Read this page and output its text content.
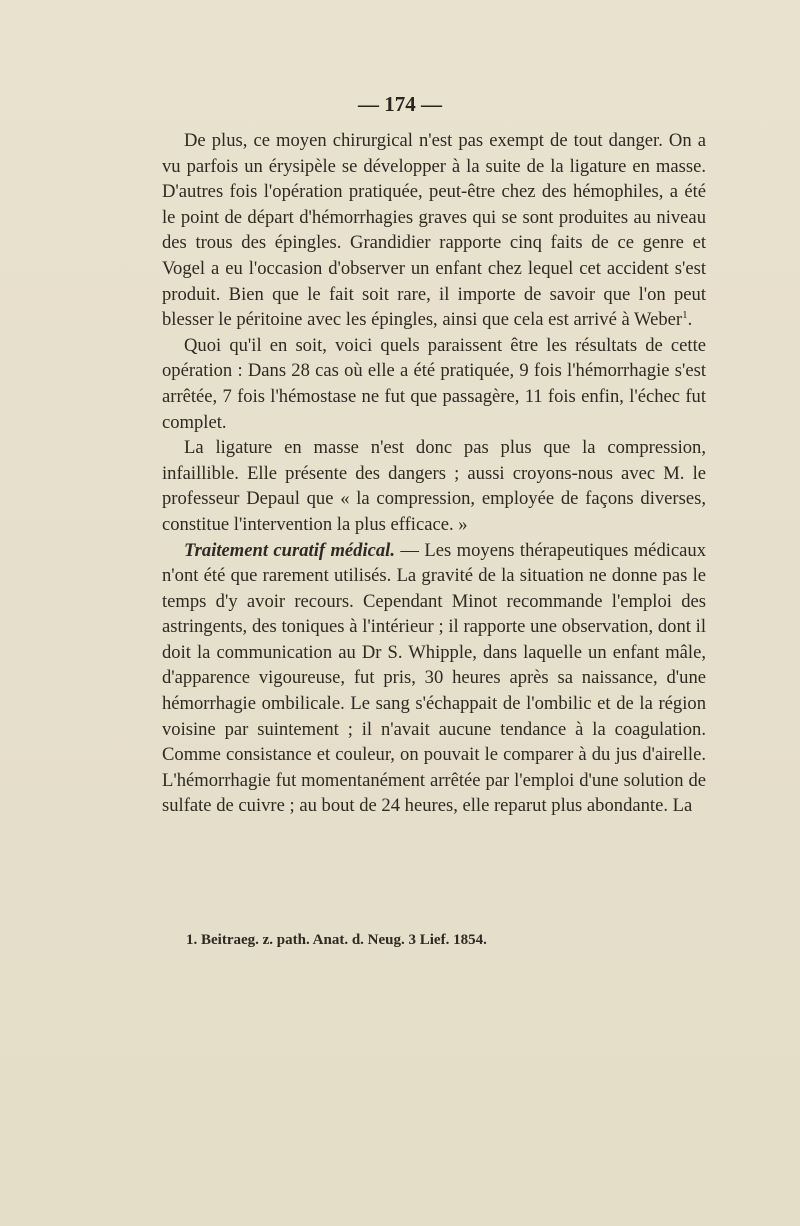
— 174 —

De plus, ce moyen chirurgical n'est pas exempt de tout danger. On a vu parfois un érysipèle se développer à la suite de la ligature en masse. D'autres fois l'opération pratiquée, peut-être chez des hémophiles, a été le point de départ d'hémorrhagies graves qui se sont produites au niveau des trous des épingles. Grandidier rapporte cinq faits de ce genre et Vogel a eu l'occasion d'observer un enfant chez lequel cet accident s'est produit. Bien que le fait soit rare, il importe de savoir que l'on peut blesser le péritoine avec les épingles, ainsi que cela est arrivé à Weber$^1$.

Quoi qu'il en soit, voici quels paraissent être les résultats de cette opération : Dans 28 cas où elle a été pratiquée, 9 fois l'hémorrhagie s'est arrêtée, 7 fois l'hémostase ne fut que passagère, 11 fois enfin, l'échec fut complet.

La ligature en masse n'est donc pas plus que la compression, infaillible. Elle présente des dangers ; aussi croyons-nous avec M. le professeur Depaul que « la compression, employée de façons diverses, constitue l'intervention la plus efficace. »

Traitement curatif médical. — Les moyens thérapeutiques médicaux n'ont été que rarement utilisés. La gravité de la situation ne donne pas le temps d'y avoir recours. Cependant Minot recommande l'emploi des astringents, des toniques à l'intérieur ; il rapporte une observation, dont il doit la communication au Dr S. Whipple, dans laquelle un enfant mâle, d'apparence vigoureuse, fut pris, 30 heures après sa naissance, d'une hémorrhagie ombilicale. Le sang s'échappait de l'ombilic et de la région voisine par suintement ; il n'avait aucune tendance à la coagulation. Comme consistance et couleur, on pouvait le comparer à du jus d'airelle. L'hémorrhagie fut momentanément arrêtée par l'emploi d'une solution de sulfate de cuivre ; au bout de 24 heures, elle reparut plus abondante. La

1. Beitraeg. z. path. Anat. d. Neug. 3 Lief. 1854.
